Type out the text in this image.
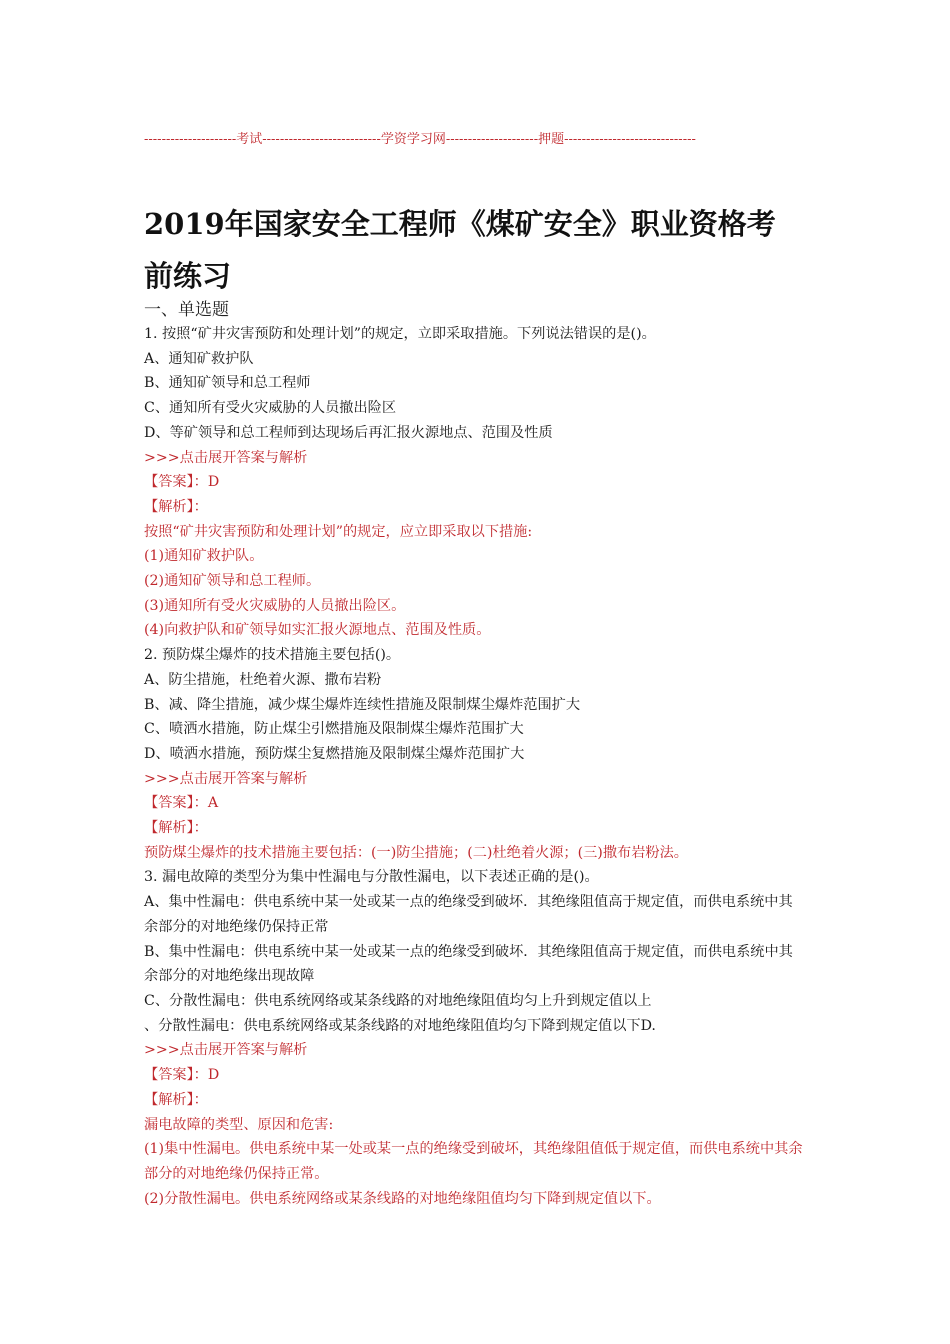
---------------------考试---------------------------学资学习网---------------------押题------------------------------
2019年国家安全工程师《煤矿安全》职业资格考
前练习
一、单选题
1. 按照“矿井灾害预防和处理计划”的规定，立即采取措施。下列说法错误的是()。
A、通知矿救护队
B、通知矿领导和总工程师
C、通知所有受火灾威胁的人员撤出险区
D、等矿领导和总工程师到达现场后再汇报火源地点、范围及性质
>>>点击展开答案与解析
【答案】：D
【解析】：
按照“矿井灾害预防和处理计划”的规定，应立即采取以下措施:
(1)通知矿救护队。
(2)通知矿领导和总工程师。
(3)通知所有受火灾威胁的人员撤出险区。
(4)向救护队和矿领导如实汇报火源地点、范围及性质。
2. 预防煤尘爆炸的技术措施主要包括()。
A、防尘措施，杜绝着火源、撒布岩粉
B、减、降尘措施，减少煤尘爆炸连续性措施及限制煤尘爆炸范围扩大
C、喷洒水措施，防止煤尘引燃措施及限制煤尘爆炸范围扩大
D、喷洒水措施，预防煤尘复燃措施及限制煤尘爆炸范围扩大
>>>点击展开答案与解析
【答案】：A
【解析】：
预防煤尘爆炸的技术措施主要包括：(一)防尘措施；(二)杜绝着火源；(三)撒布岩粉法。
3. 漏电故障的类型分为集中性漏电与分散性漏电，以下表述正确的是()。
A、集中性漏电：供电系统中某一处或某一点的绝缘受到破坏．其绝缘阻值高于规定值，而供电系统中其余部分的对地绝缘仍保持正常
B、集中性漏电：供电系统中某一处或某一点的绝缘受到破坏．其绝缘阻值高于规定值，而供电系统中其余部分的对地绝缘出现故障
C、分散性漏电：供电系统网络或某条线路的对地绝缘阻值均匀上升到规定值以上
、分散性漏电：供电系统网络或某条线路的对地绝缘阻值均匀下降到规定值以下D.
>>>点击展开答案与解析
【答案】：D
【解析】：
漏电故障的类型、原因和危害:
(1)集中性漏电。供电系统中某一处或某一点的绝缘受到破坏，其绝缘阻值低于规定值，而供电系统中其余部分的对地绝缘仍保持正常。
(2)分散性漏电。供电系统网络或某条线路的对地绝缘阻值均匀下降到规定值以下。
